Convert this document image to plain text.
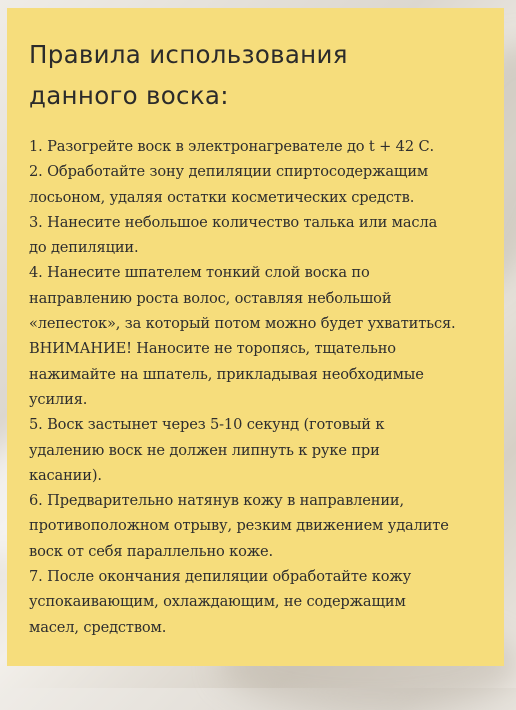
Правила использования
данного воска:
1. Разогрейте воск в электронагревателе до t + 42 С.
2. Обработайте зону депиляции спиртосодержащим
лосьоном, удаляя остатки косметических средств.
3. Нанесите небольшое количество талька или масла
до депиляции.
4. Нанесите шпателем тонкий слой воска по
направлению роста волос, оставляя небольшой
«лепесток», за который потом можно будет ухватиться.
ВНИМАНИЕ! Наносите не торопясь, тщательно
нажимайте на шпатель, прикладывая необходимые
усилия.
5. Воск застынет через 5-10 секунд (готовый к
удалению воск не должен липнуть к руке при
касании).
6. Предварительно натянув кожу в направлении,
противоположном отрыву, резким движением удалите
воск от себя параллельно коже.
7. После окончания депиляции обработайте кожу
успокаивающим, охлаждающим, не содержащим
масел, средством.
